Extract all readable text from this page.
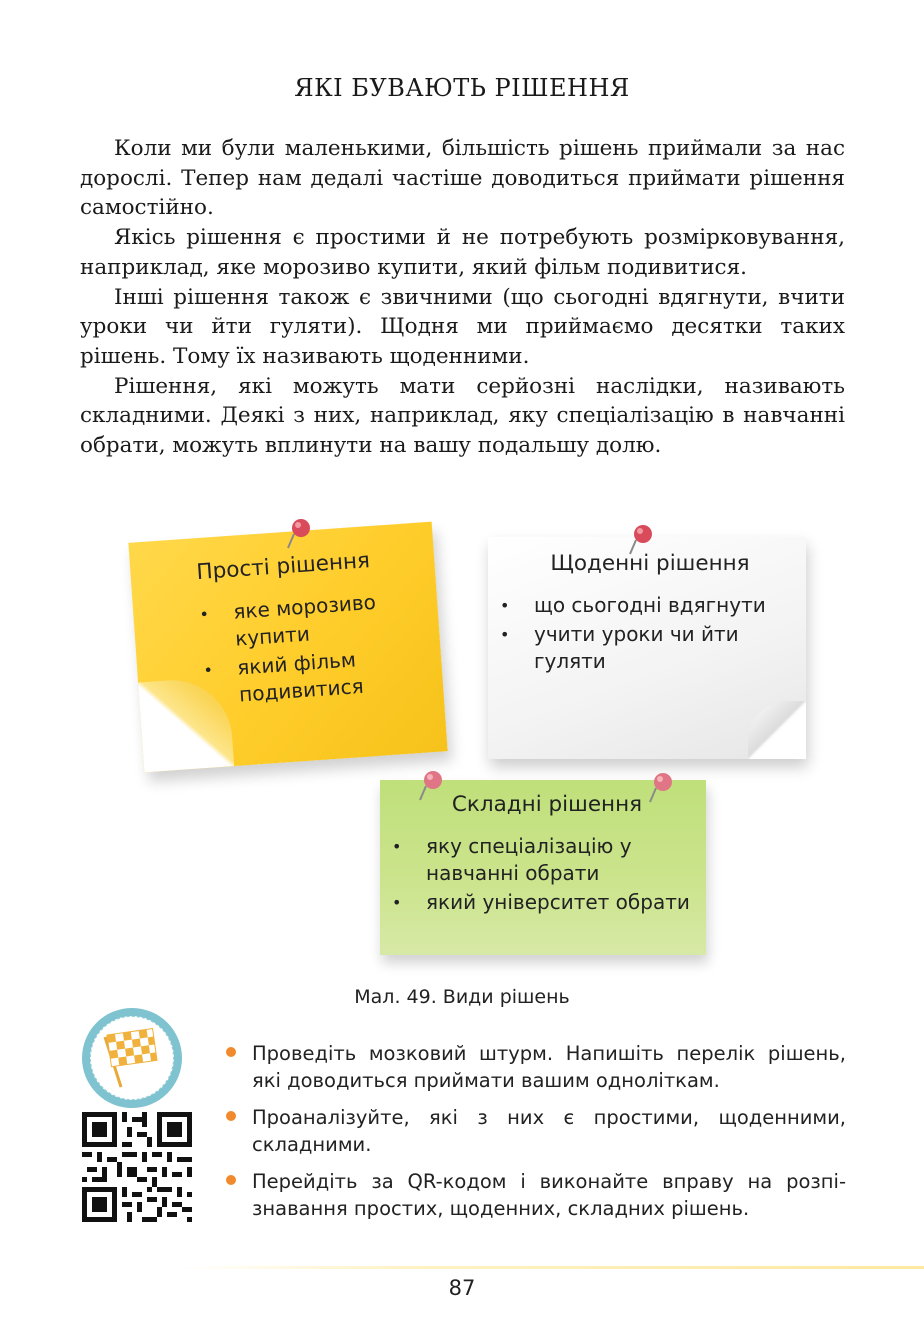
ЯКІ БУВАЮТЬ РІШЕННЯ

Коли ми були маленькими, більшість рішень приймали за нас дорослі. Тепер нам дедалі частіше доводиться приймати рішення самостійно.

Якісь рішення є простими й не потребують розмірковування, наприклад, яке морозиво купити, який фільм подивитися.

Інші рішення також є звичними (що сьогодні вдягнути, вчити уроки чи йти гуляти). Щодня ми приймаємо десятки таких рішень. Тому їх називають щоденними.

Рішення, які можуть мати серйозні наслідки, називають складними. Деякі з них, наприклад, яку спеціалізацію в навчанні обрати, можуть вплинути на вашу подальшу долю.

Прості рішення
• яке морозиво купити
• який фільм подивитися
Щоденні рішення
• що сьогодні вдягнути
• учити уроки чи йти гуляти
Складні рішення
• яку спеціалізацію у навчанні обрати
• який університет обрати
Мал. 49. Види рішень
Проведіть мозковий штурм. Напишіть перелік рішень, які доводиться приймати вашим одноліткам.
Проаналізуйте, які з них є простими, щоденними, складними.
Перейдіть за QR-кодом і виконайте вправу на розпізнавання простих, щоденних, складних рішень.
87
